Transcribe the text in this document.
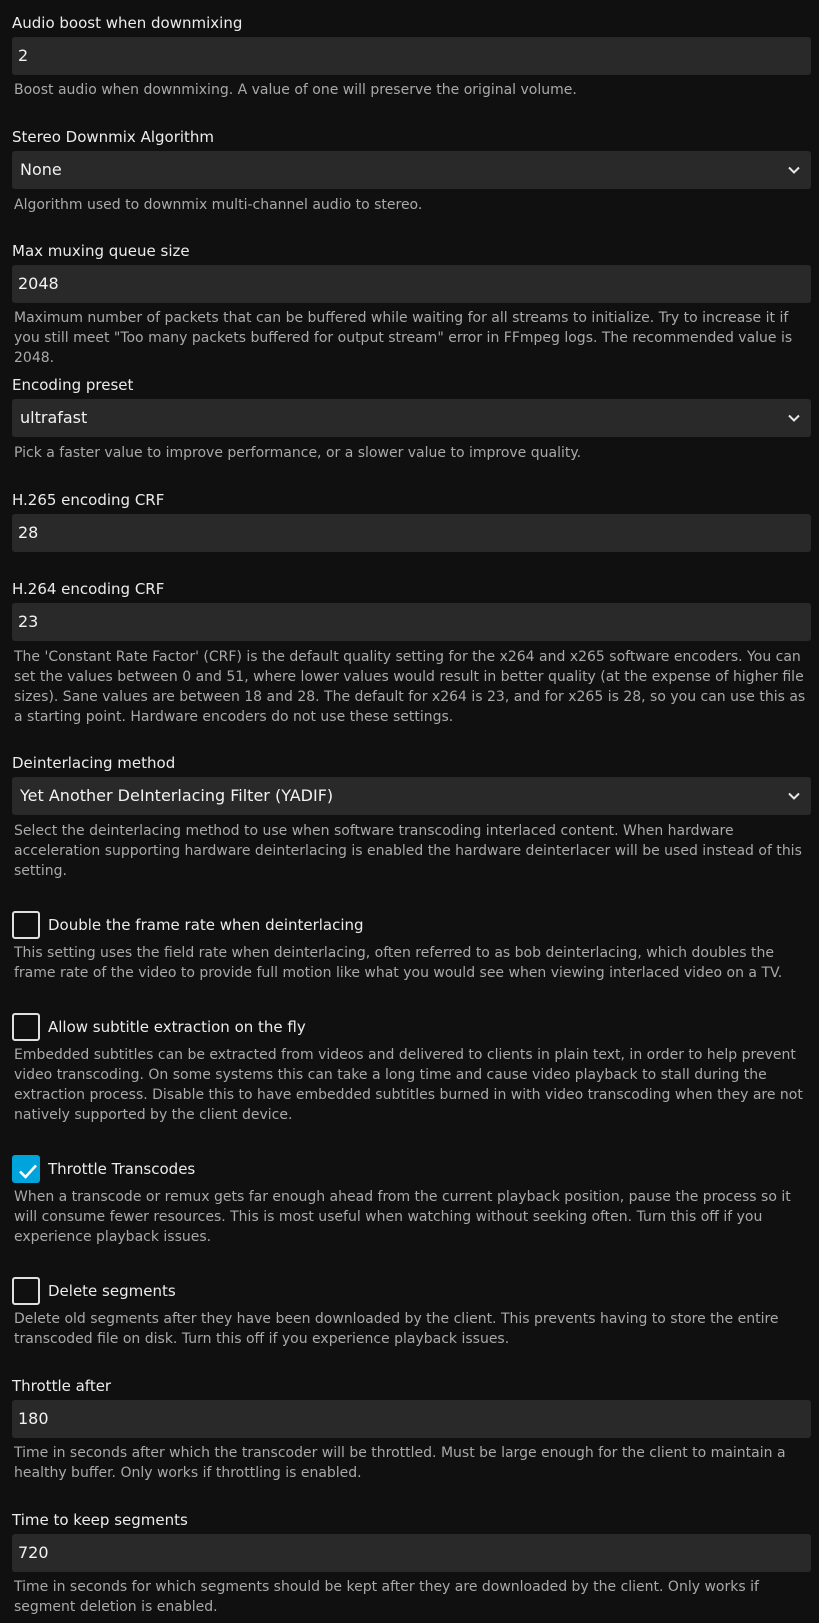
Audio boost when downmixing
2
Boost audio when downmixing. A value of one will preserve the original volume.
Stereo Downmix Algorithm
None
Algorithm used to downmix multi-channel audio to stereo.
Max muxing queue size
2048
Maximum number of packets that can be buffered while waiting for all streams to initialize. Try to increase it if you still meet "Too many packets buffered for output stream" error in FFmpeg logs. The recommended value is 2048.
Encoding preset
ultrafast
Pick a faster value to improve performance, or a slower value to improve quality.
H.265 encoding CRF
28
H.264 encoding CRF
23
The 'Constant Rate Factor' (CRF) is the default quality setting for the x264 and x265 software encoders. You can set the values between 0 and 51, where lower values would result in better quality (at the expense of higher file sizes). Sane values are between 18 and 28. The default for x264 is 23, and for x265 is 28, so you can use this as a starting point. Hardware encoders do not use these settings.
Deinterlacing method
Yet Another DeInterlacing Filter (YADIF)
Select the deinterlacing method to use when software transcoding interlaced content. When hardware acceleration supporting hardware deinterlacing is enabled the hardware deinterlacer will be used instead of this setting.
Double the frame rate when deinterlacing
This setting uses the field rate when deinterlacing, often referred to as bob deinterlacing, which doubles the frame rate of the video to provide full motion like what you would see when viewing interlaced video on a TV.
Allow subtitle extraction on the fly
Embedded subtitles can be extracted from videos and delivered to clients in plain text, in order to help prevent video transcoding. On some systems this can take a long time and cause video playback to stall during the extraction process. Disable this to have embedded subtitles burned in with video transcoding when they are not natively supported by the client device.
Throttle Transcodes
When a transcode or remux gets far enough ahead from the current playback position, pause the process so it will consume fewer resources. This is most useful when watching without seeking often. Turn this off if you experience playback issues.
Delete segments
Delete old segments after they have been downloaded by the client. This prevents having to store the entire transcoded file on disk. Turn this off if you experience playback issues.
Throttle after
180
Time in seconds after which the transcoder will be throttled. Must be large enough for the client to maintain a healthy buffer. Only works if throttling is enabled.
Time to keep segments
720
Time in seconds for which segments should be kept after they are downloaded by the client. Only works if segment deletion is enabled.
